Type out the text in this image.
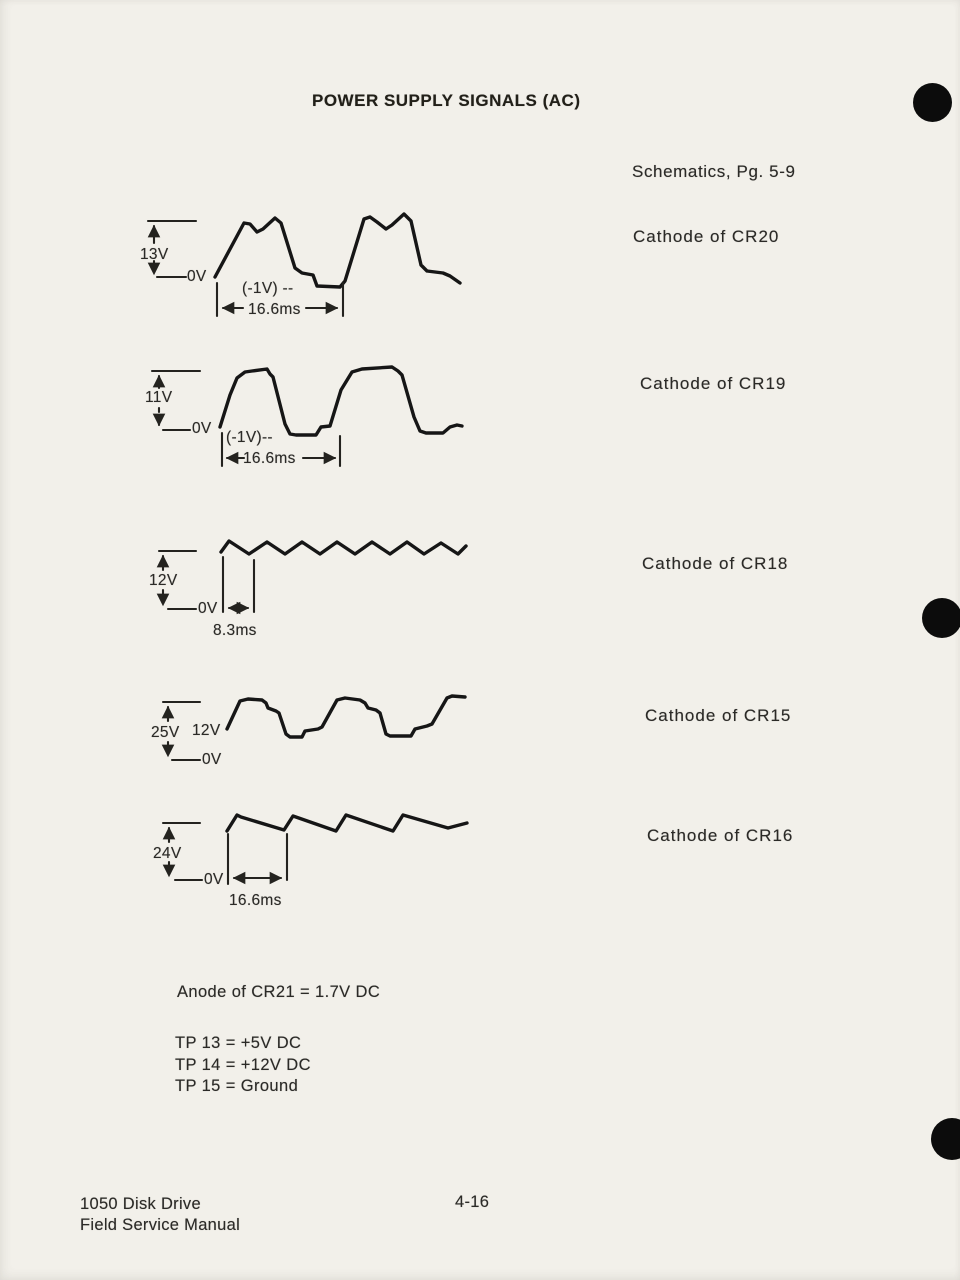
POWER SUPPLY SIGNALS (AC)
Schematics, Pg. 5-9
Cathode of CR20
Cathode of CR19
Cathode of CR18
Cathode of CR15
Cathode of CR16
13V
0V
(-1V) --
16.6ms
11V
0V
(-1V)--
16.6ms
12V
0V
8.3ms
25V 12V
0V
24V
0V
16.6ms
Anode of CR21 = 1.7V DC
TP 13 = +5V DC
TP 14 = +12V DC
TP 15 = Ground
1050 Disk Drive
Field Service Manual
4-16
